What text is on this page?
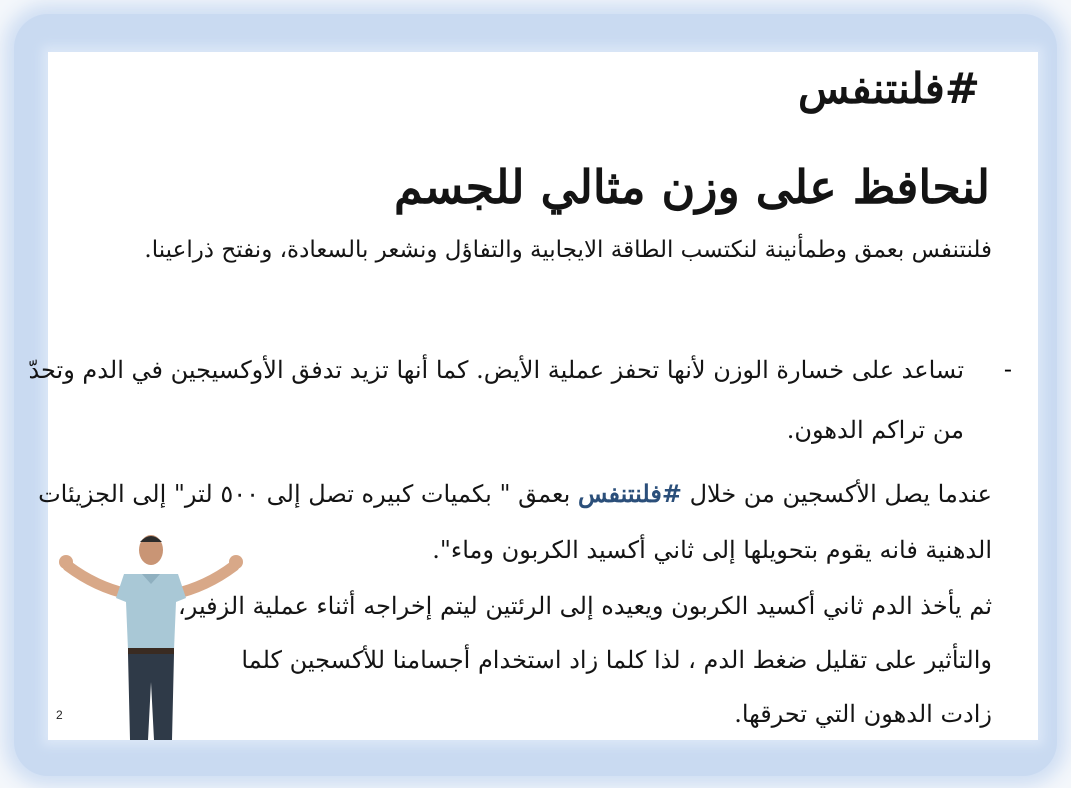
#فلنتنفس
لنحافظ على وزن مثالي للجسم
فلنتنفس بعمق وطمأنينة لنكتسب الطاقة الايجابية والتفاؤل ونشعر بالسعادة، ونفتح ذراعينا.
-
تساعد على خسارة الوزن لأنها تحفز عملية الأيض. كما أنها تزيد تدفق الأوكسيجين في الدم وتحدّ
من تراكم الدهون.
عندما يصل الأكسجين من خلال #فلنتنفس بعمق " بكميات كبيره تصل إلى ٥٠٠ لتر" إلى الجزيئات
الدهنية فانه يقوم بتحويلها إلى ثاني أكسيد الكربون وماء".
ثم يأخذ الدم ثاني أكسيد الكربون ويعيده إلى الرئتين ليتم إخراجه أثناء عملية الزفير،
والتأثير على تقليل ضغط الدم ، لذا كلما زاد استخدام أجسامنا للأكسجين كلما
زادت الدهون التي تحرقها.
2
